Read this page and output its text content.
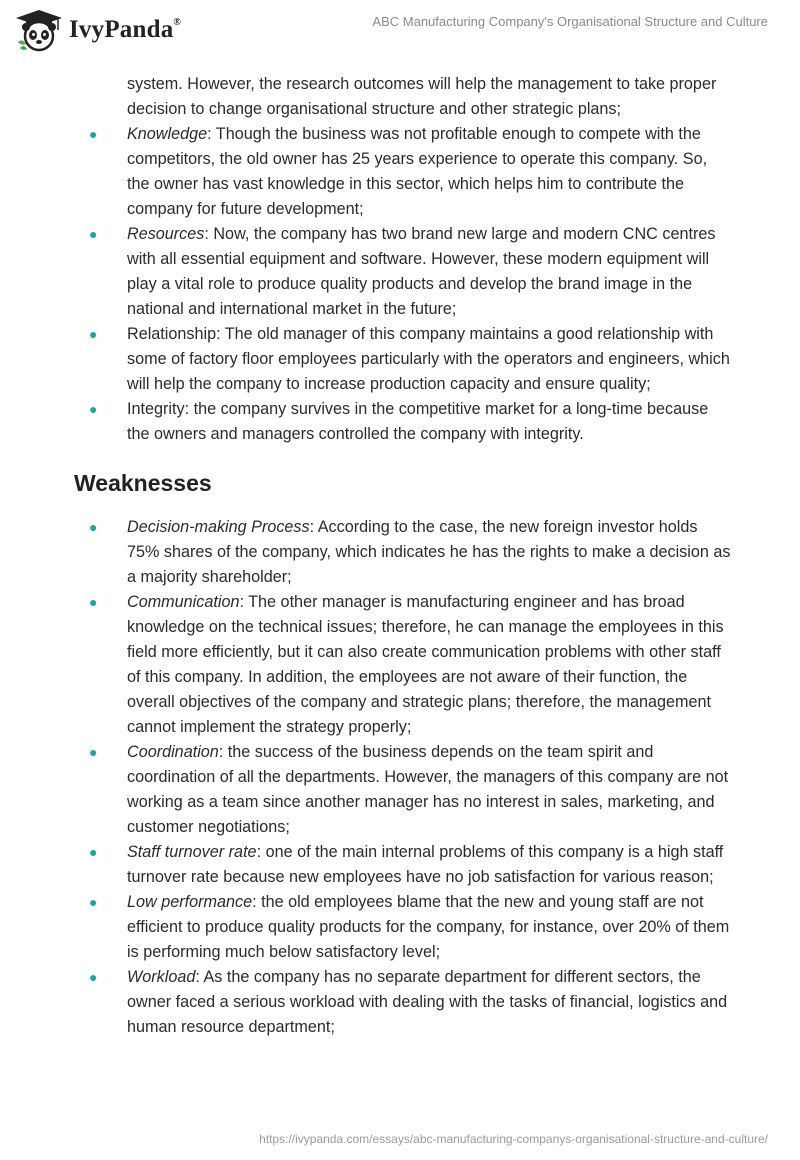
IvyPanda®	ABC Manufacturing Company's Organisational Structure and Culture
system. However, the research outcomes will help the management to take proper decision to change organisational structure and other strategic plans;
● Knowledge: Though the business was not profitable enough to compete with the competitors, the old owner has 25 years experience to operate this company. So, the owner has vast knowledge in this sector, which helps him to contribute the company for future development;
● Resources: Now, the company has two brand new large and modern CNC centres with all essential equipment and software. However, these modern equipment will play a vital role to produce quality products and develop the brand image in the national and international market in the future;
● Relationship: The old manager of this company maintains a good relationship with some of factory floor employees particularly with the operators and engineers, which will help the company to increase production capacity and ensure quality;
● Integrity: the company survives in the competitive market for a long-time because the owners and managers controlled the company with integrity.
Weaknesses
● Decision-making Process: According to the case, the new foreign investor holds 75% shares of the company, which indicates he has the rights to make a decision as a majority shareholder;
● Communication: The other manager is manufacturing engineer and has broad knowledge on the technical issues; therefore, he can manage the employees in this field more efficiently, but it can also create communication problems with other staff of this company. In addition, the employees are not aware of their function, the overall objectives of the company and strategic plans; therefore, the management cannot implement the strategy properly;
● Coordination: the success of the business depends on the team spirit and coordination of all the departments. However, the managers of this company are not working as a team since another manager has no interest in sales, marketing, and customer negotiations;
● Staff turnover rate: one of the main internal problems of this company is a high staff turnover rate because new employees have no job satisfaction for various reason;
● Low performance: the old employees blame that the new and young staff are not efficient to produce quality products for the company, for instance, over 20% of them is performing much below satisfactory level;
● Workload: As the company has no separate department for different sectors, the owner faced a serious workload with dealing with the tasks of financial, logistics and human resource department;
https://ivypanda.com/essays/abc-manufacturing-companys-organisational-structure-and-culture/
